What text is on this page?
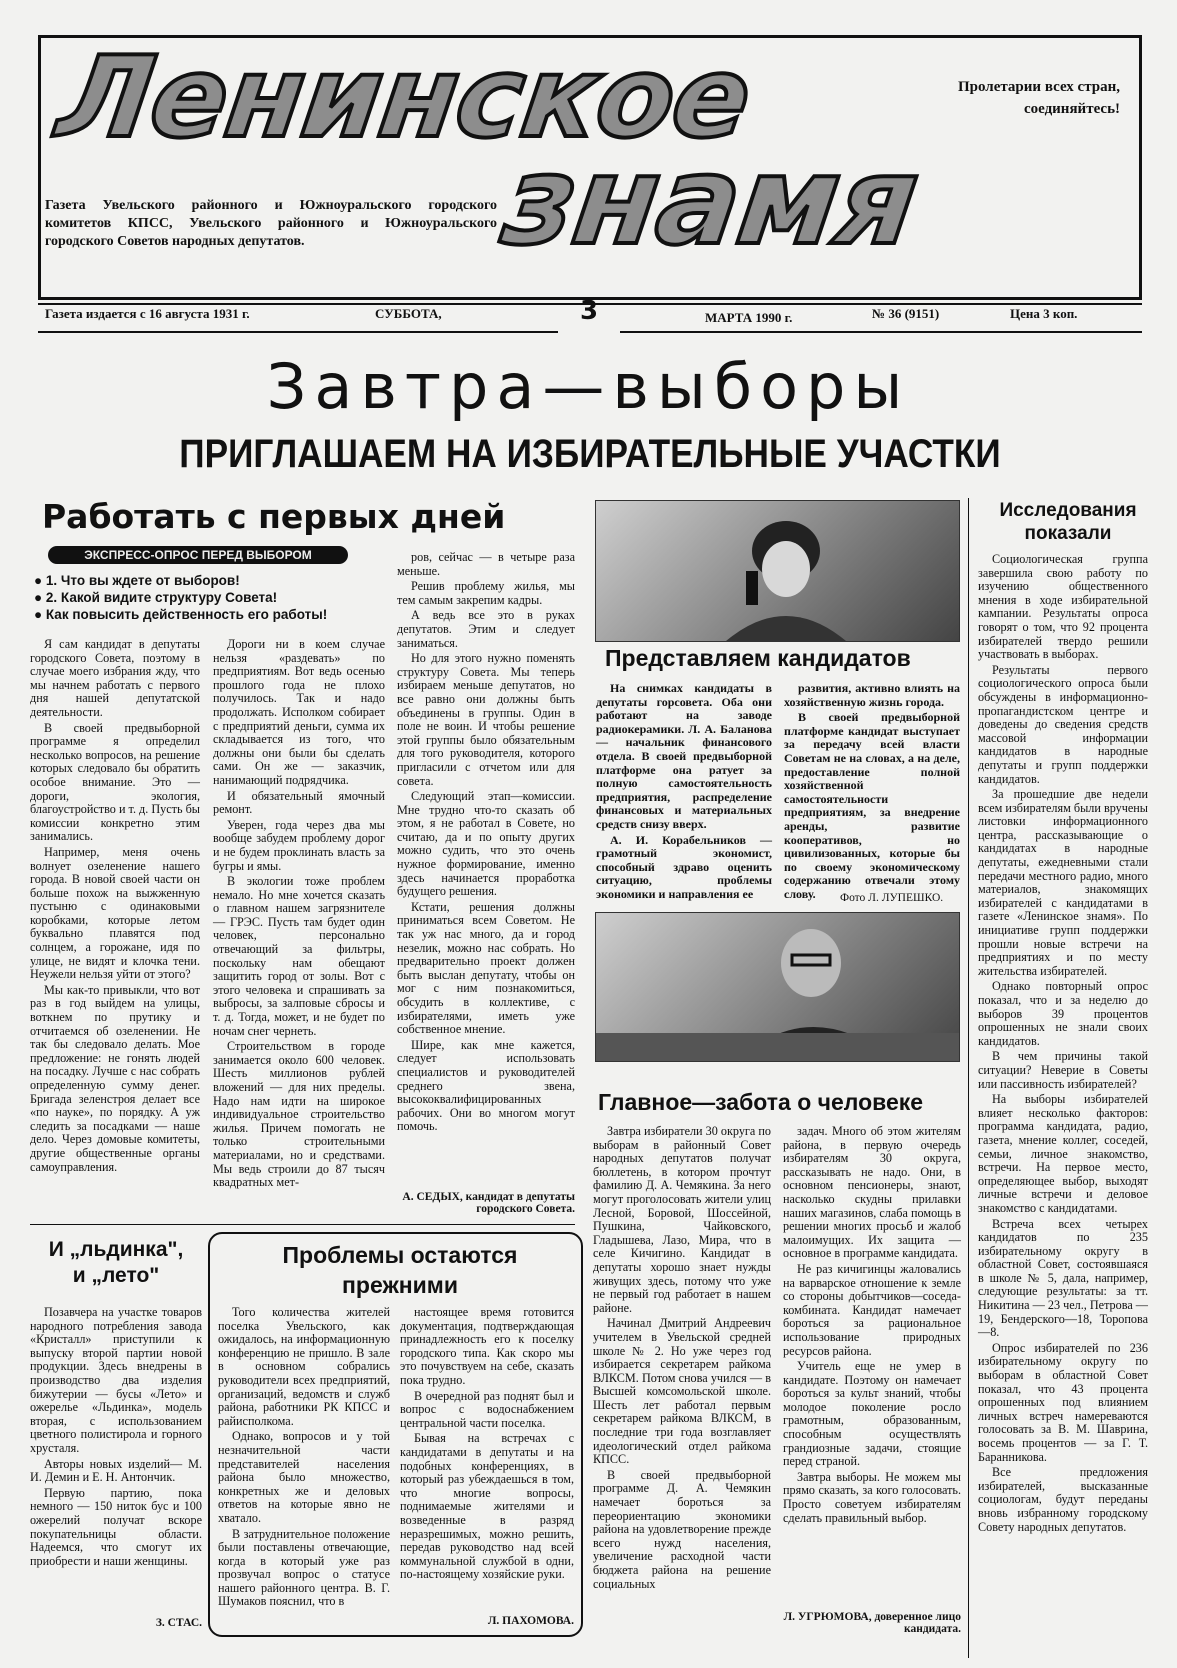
Ленинское
знамя
Пролетарии всех стран, соединяйтесь!
Газета Увельского районного и Южноуральского городского комитетов КПСС, Увельского районного и Южноуральского городского Советов народных депутатов.
Газета издается с 16 августа 1931 г.	СУББОТА,	3	МАРТА 1990 г.	№ 36 (9151)	Цена 3 коп.
Завтра—выборы
ПРИГЛАШАЕМ НА ИЗБИРАТЕЛЬНЫЕ УЧАСТКИ
Работать с первых дней
ЭКСПРЕСС-ОПРОС ПЕРЕД ВЫБОРОМ
● 1. Что вы ждете от выборов!
● 2. Какой видите структуру Совета!
● Как повысить действенность его работы!

Я сам кандидат в депутаты городского Совета, поэтому в случае моего избрания жду, что мы начнем работать с первого дня нашей депутатской деятельности.

В своей предвыборной программе я определил несколько вопросов, на решение которых следовало бы обратить особое внимание. Это — дороги, экология, благоустройство и т. д. Пусть бы комиссии конкретно этим занимались.

Например, меня очень волнует озеленение нашего города. В новой своей части он больше похож на выжженную пустыню с одинаковыми коробками, которые летом буквально плавятся под солнцем, а горожане, идя по улице, не видят и клочка тени. Неужели нельзя уйти от этого?

Мы как-то привыкли, что вот раз в год выйдем на улицы, воткнем по прутику и отчитаемся об озеленении. Не так бы следовало делать. Мое предложение: не гонять людей на посадку. Лучше с нас собрать определенную сумму денег. Бригада зеленстроя делает все «по науке», по порядку. А уж следить за посадками — наше дело. Через домовые комитеты, другие общественные органы самоуправления.

Дороги ни в коем случае нельзя «раздевать» по предприятиям. Вот ведь осенью прошлого года не плохо получилось. Так и надо продолжать. Исполком собирает с предприятий деньги, сумма их складывается из того, что должны они были бы сделать сами. Он же — заказчик, нанимающий подрядчика.

И обязательный ямочный ремонт.

Уверен, года через два мы вообще забудем проблему дорог и не будем проклинать власть за бугры и ямы.

В экологии тоже проблем немало. Но мне хочется сказать о главном нашем загрязнителе — ГРЭС. Пусть там будет один человек, персонально отвечающий за фильтры, поскольку нам обещают защитить город от золы. Вот с этого человека и спрашивать за выбросы, за залповые сбросы и т. д. Тогда, может, и не будет по ночам снег чернеть.

Строительством в городе занимается около 600 человек. Шесть миллионов рублей вложений — для них пределы. Надо нам идти на широкое индивидуальное строительство жилья. Причем помогать не только строительными материалами, но и средствами. Мы ведь строили до 87 тысяч квадратных мет-

ров, сейчас — в четыре раза меньше.

Решив проблему жилья, мы тем самым закрепим кадры.

А ведь все это в руках депутатов. Этим и следует заниматься.

Но для этого нужно поменять структуру Совета. Мы теперь избираем меньше депутатов, но все равно они должны быть объединены в группы. Один в поле не воин. И чтобы решение этой группы было обязательным для того руководителя, которого пригласили с отчетом или для совета.

Следующий этап—комиссии. Мне трудно что-то сказать об этом, я не работал в Совете, но считаю, да и по опыту других можно судить, что это очень нужное формирование, именно здесь начинается проработка будущего решения.

Кстати, решения должны приниматься всем Советом. Не так уж нас много, да и город незелик, можно нас собрать. Но предварительно проект должен быть выслан депутату, чтобы он мог с ним познакомиться, обсудить в коллективе, с избирателями, иметь уже собственное мнение.

Шире, как мне кажется, следует использовать специалистов и руководителей среднего звена, высококвалифицированных рабочих. Они во многом могут помочь.

А. СЕДЫХ, кандидат в депутаты городского Совета.
Представляем кандидатов

На снимках кандидаты в депутаты горсовета. Оба они работают на заводе радиокерамики. Л. А. Баланова — начальник финансового отдела. В своей предвыборной платформе она ратует за полную самостоятельность предприятия, распределение финансовых и материальных средств снизу вверх.

А. И. Корабельников — грамотный экономист, способный здраво оценить ситуацию, проблемы экономики и направления ее

развития, активно влиять на хозяйственную жизнь города.

В своей предвыборной платформе кандидат выступает за передачу всей власти Советам не на словах, а на деле, предоставление полной хозяйственной самостоятельности предприятиям, за внедрение аренды, развитие кооперативов, но цивилизованных, которые бы по своему экономическому содержанию отвечали этому слову.	Фото Л. ЛУПЕШКО.
Главное—забота о человеке

Завтра избиратели 30 округа по выборам в районный Совет народных депутатов получат бюллетень, в котором прочтут фамилию Д. А. Чемякина. За него могут проголосовать жители улиц Лесной, Боровой, Шоссейной, Пушкина, Чайковского, Гладышева, Лазо, Мира, что в селе Кичигино. Кандидат в депутаты хорошо знает нужды живущих здесь, потому что уже не первый год работает в нашем районе.

Начинал Дмитрий Андреевич учителем в Увельской средней школе № 2. Но уже через год избирается секретарем райкома ВЛКСМ. Потом снова учился — в Высшей комсомольской школе. Шесть лет работал первым секретарем райкома ВЛКСМ, в последние три года возглавляет идеологический отдел райкома КПСС.

В своей предвыборной программе Д. А. Чемякин намечает бороться за переориентацию экономики района на удовлетворение прежде всего нужд населения, увеличение расходной части бюджета района на решение социальных

задач. Много об этом жителям района, в первую очередь избирателям 30 округа, рассказывать не надо. Они, в основном пенсионеры, знают, насколько скудны прилавки наших магазинов, слаба помощь в решении многих просьб и жалоб малоимущих. Их защита — основное в программе кандидата.

Не раз кичигинцы жаловались на варварское отношение к земле со стороны добытчиков—соседа-комбината. Кандидат намечает бороться за рациональное использование природных ресурсов района.

Учитель еще не умер в кандидате. Поэтому он намечает бороться за культ знаний, чтобы молодое поколение росло грамотным, образованным, способным осуществлять грандиозные задачи, стоящие перед страной.

Завтра выборы. Не можем мы прямо сказать, за кого голосовать. Просто советуем избирателям сделать правильный выбор.

Л. УГРЮМОВА, доверенное лицо кандидата.
Исследования показали

Социологическая группа завершила свою работу по изучению общественного мнения в ходе избирательной кампании. Результаты опроса говорят о том, что 92 процента избирателей твердо решили участвовать в выборах.

Результаты первого социологического опроса были обсуждены в информационно-пропагандистском центре и доведены до сведения средств массовой информации кандидатов в народные депутаты и групп поддержки кандидатов.

За прошедшие две недели всем избирателям были вручены листовки информационного центра, рассказывающие о кандидатах в народные депутаты, ежедневными стали передачи местного радио, много материалов, знакомящих избирателей с кандидатами в газете «Ленинское знамя». По инициативе групп поддержки прошли новые встречи на предприятиях и по месту жительства избирателей.

Однако повторный опрос показал, что и за неделю до выборов 39 процентов опрошенных не знали своих кандидатов.

В чем причины такой ситуации? Неверие в Советы или пассивность избирателей?

На выборы избирателей влияет несколько факторов: программа кандидата, радио, газета, мнение коллег, соседей, семьи, личное знакомство, встречи. На первое место, определяющее выбор, выходят личные встречи и деловое знакомство с кандидатами.

Встреча всех четырех кандидатов по 235 избирательному округу в областной Совет, состоявшаяся в школе № 5, дала, например, следующие результаты: за тт. Никитина — 23 чел., Петрова — 19, Бендерского—18, Торопова—8.

Опрос избирателей по 236 избирательному округу по выборам в областной Совет показал, что 43 процента опрошенных под влиянием личных встреч намереваются голосовать за В. М. Шаврина, восемь процентов — за Г. Т. Баранникова.

Все предложения избирателей, высказанные социологам, будут переданы вновь избранному городскому Совету народных депутатов.

И „льдинка",
и „лето"

Позавчера на участке товаров народного потребления завода «Кристалл» приступили к выпуску второй партии новой продукции. Здесь внедрены в производство два изделия бижутерии — бусы «Лето» и ожерелье «Льдинка», модель вторая, с использованием цветного полистирола и горного хрусталя.

Авторы новых изделий— М. И. Демин и Е. Н. Антончик.

Первую партию, пока немного — 150 ниток бус и 100 ожерелий получат вскоре покупательницы области. Надеемся, что смогут их приобрести и наши женщины.

З. СТАС.
Проблемы остаются прежними

Того количества жителей поселка Увельского, как ожидалось, на информационную конференцию не пришло. В зале в основном собрались руководители всех предприятий, организаций, ведомств и служб района, работники РК КПСС и райисполкома.

Однако, вопросов и у той незначительной части представителей населения района было множество, конкретных же и деловых ответов на которые явно не хватало.

В затруднительное положение были поставлены отвечающие, когда в который уже раз прозвучал вопрос о статусе нашего районного центра. В. Г. Шумаков пояснил, что в

настоящее время готовится документация, подтверждающая принадлежность его к поселку городского типа. Как скоро мы это почувствуем на себе, сказать пока трудно.

В очередной раз поднят был и вопрос с водоснабжением центральной части поселка.

Бывая на встречах с кандидатами в депутаты и на подобных конференциях, в который раз убеждаешься в том, что многие вопросы, поднимаемые жителями и возведенные в разряд неразрешимых, можно решить, передав руководство над всей коммунальной службой в одни, по-настоящему хозяйские руки.

Л. ПАХОМОВА.
